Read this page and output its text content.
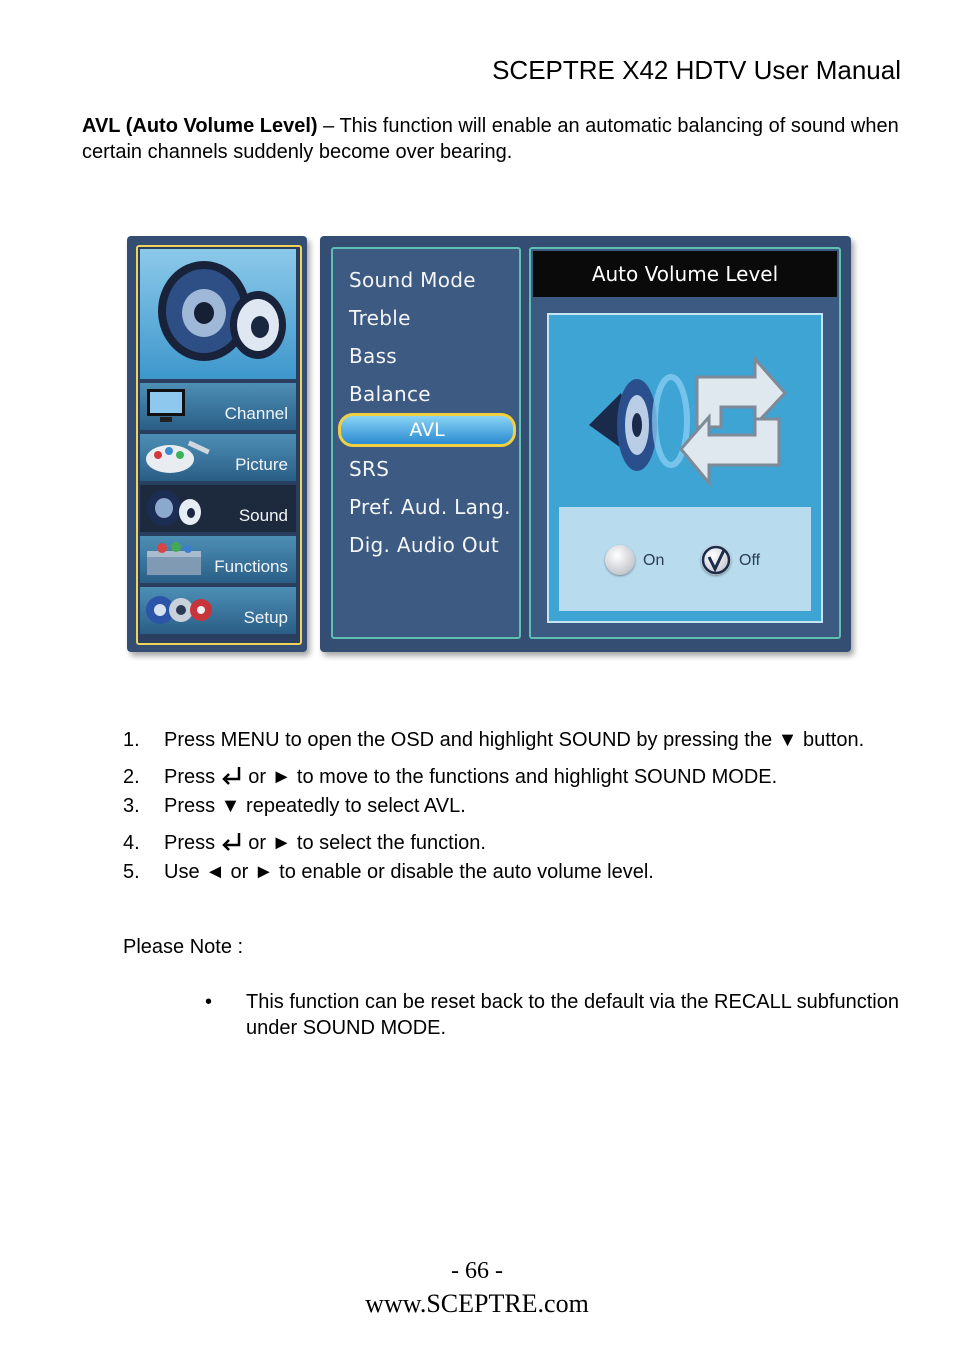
SCEPTRE X42 HDTV User Manual
AVL (Auto Volume Level) – This function will enable an automatic balancing of sound when certain channels suddenly become over bearing.
Channel
Picture
Sound
Functions
Setup
Sound Mode
Treble
Bass
Balance
AVL
SRS
Pref. Aud. Lang.
Dig. Audio Out
Auto Volume Level
On	Off
1. Press MENU to open the OSD and highlight SOUND by pressing the ▼ button.
2. Press  or ► to move to the functions and highlight SOUND MODE.
3. Press ▼ repeatedly to select AVL.
4. Press  or ► to select the function.
5. Use ◄ or ► to enable or disable the auto volume level.
Please Note :
• This function can be reset back to the default via the RECALL subfunction under SOUND MODE.
- 66 -
www.SCEPTRE.com
